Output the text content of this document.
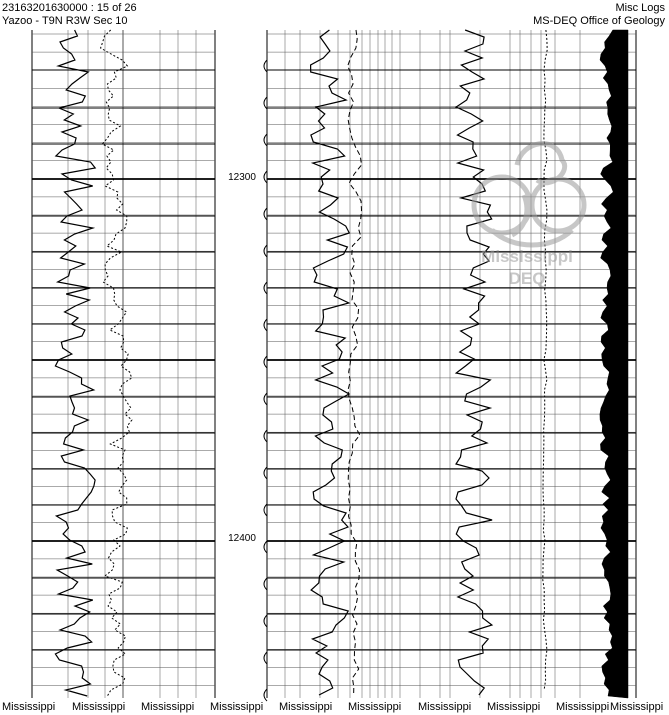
23163201630000 : 15 of 26
Yazoo - T9N R3W Sec 10
Misc Logs
MS-DEQ Office of Geology
12300
12400
Mississippi
DEQ
Mississippi Mississippi Mississippi Mississippi Mississippi Mississippi Mississippi Mississippi Mississippi Mississippi
